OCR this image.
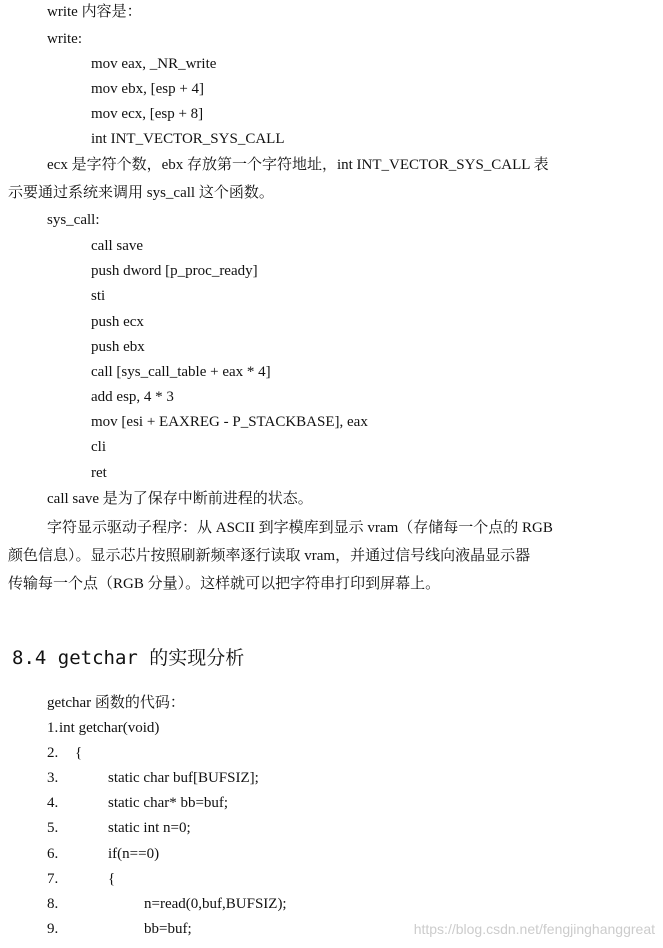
write 内容是：
write:
mov eax, _NR_write
mov ebx, [esp + 4]
mov ecx, [esp + 8]
int INT_VECTOR_SYS_CALL
ecx 是字符个数，ebx 存放第一个字符地址，int INT_VECTOR_SYS_CALL 表
示要通过系统来调用 sys_call 这个函数。
sys_call:
call save
push dword [p_proc_ready]
sti
push ecx
push ebx
call [sys_call_table + eax * 4]
add esp, 4 * 3
mov [esi + EAXREG - P_STACKBASE], eax
cli
ret
call save 是为了保存中断前进程的状态。
字符显示驱动子程序：从 ASCII 到字模库到显示 vram（存储每一个点的 RGB
颜色信息）。显示芯片按照刷新频率逐行读取 vram，并通过信号线向液晶显示器
传输每一个点（RGB 分量）。这样就可以把字符串打印到屏幕上。
8.4 getchar 的实现分析
getchar 函数的代码：
1. int getchar(void)
2. {
3.	static char buf[BUFSIZ];
4.	static char* bb=buf;
5.	static int n=0;
6.	if(n==0)
7.	{
8.	n=read(0,buf,BUFSIZ);
9.	bb=buf;	https://blog.csdn.net/fengjinghanggreat
